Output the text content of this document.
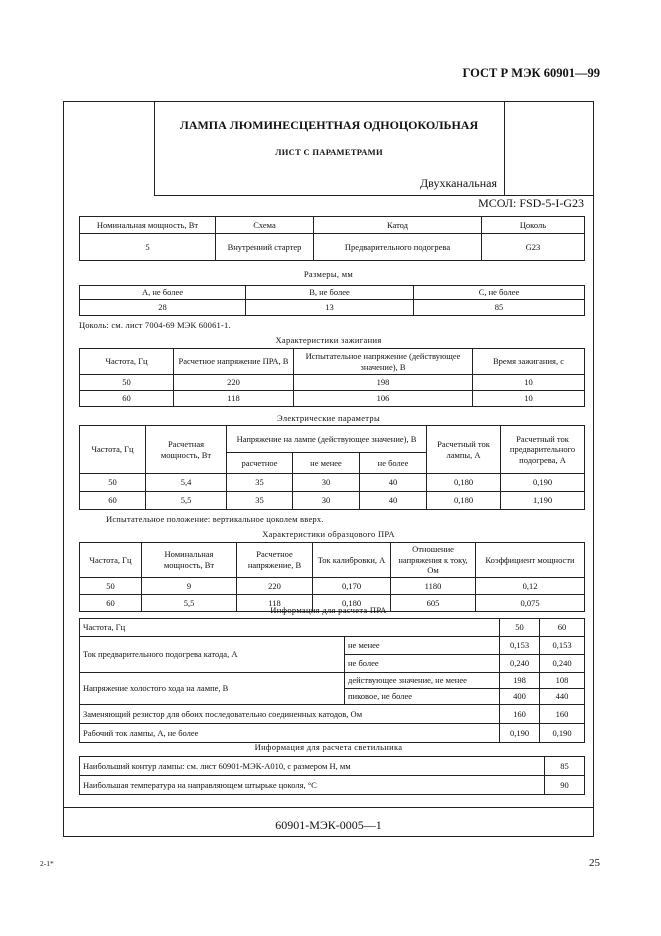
ГОСТ Р МЭК 60901—99
ЛАМПА ЛЮМИНЕСЦЕНТНАЯ ОДНОЦОКОЛЬНАЯ
ЛИСТ С ПАРАМЕТРАМИ
Двухканальная
МСОЛ: FSD-5-I-G23
Номинальная мощность, Вт	Схема	Катод	Цоколь
5	Внутренний стартер	Предварительного подогрева	G23
Размеры, мм
A, не более	B, не более	C, не более
28	13	85
Цоколь: см. лист 7004-69 МЭК 60061-1.
Характеристики зажигания
Частота, Гц	Расчетное напряжение ПРА, В	Испытательное напряжение (действующее значение), В	Время зажигания, с
50	220	198	10
60	118	106	10
Электрические параметры
Частота, Гц	Расчетная мощность, Вт	Напряжение на лампе (действующее значение), В			Расчетный ток лампы, А	Расчетный ток предварительного подогрева, А
		расчетное	не менее	не более		
50	5,4	35	30	40	0,180	0,190
60	5,5	35	30	40	0,180	1,190
Испытательное положение: вертикальное цоколем вверх.
Характеристики образцового ПРА
Частота, Гц	Номинальная мощность, Вт	Расчетное напряжение, В	Ток калибровки, А	Отношение напряжения к току, Ом	Коэффициент мощности
50	9	220	0,170	1180	0,12
60	5,5	118	0,180	605	0,075
Информация для расчета ПРА
Частота, Гц		50	60
Ток предварительного подогрева катода, А	не менее	0,153	0,153
	не более	0,240	0,240
Напряжение холостого хода на лампе, В	действующее значение, не менее	198	108
	пиковое, не более	400	440
Заменяющий резистор для обоих последовательно соединенных катодов, Ом		160	160
Рабочий ток лампы, А, не более		0,190	0,190
Информация для расчета светильника
Наибольший контур лампы: см. лист 60901-МЭК-А010, с размером H, мм	85
Наибольшая температура на направляющем штырьке цоколя, °С	90
60901-МЭК-0005—1
2-1*	25
